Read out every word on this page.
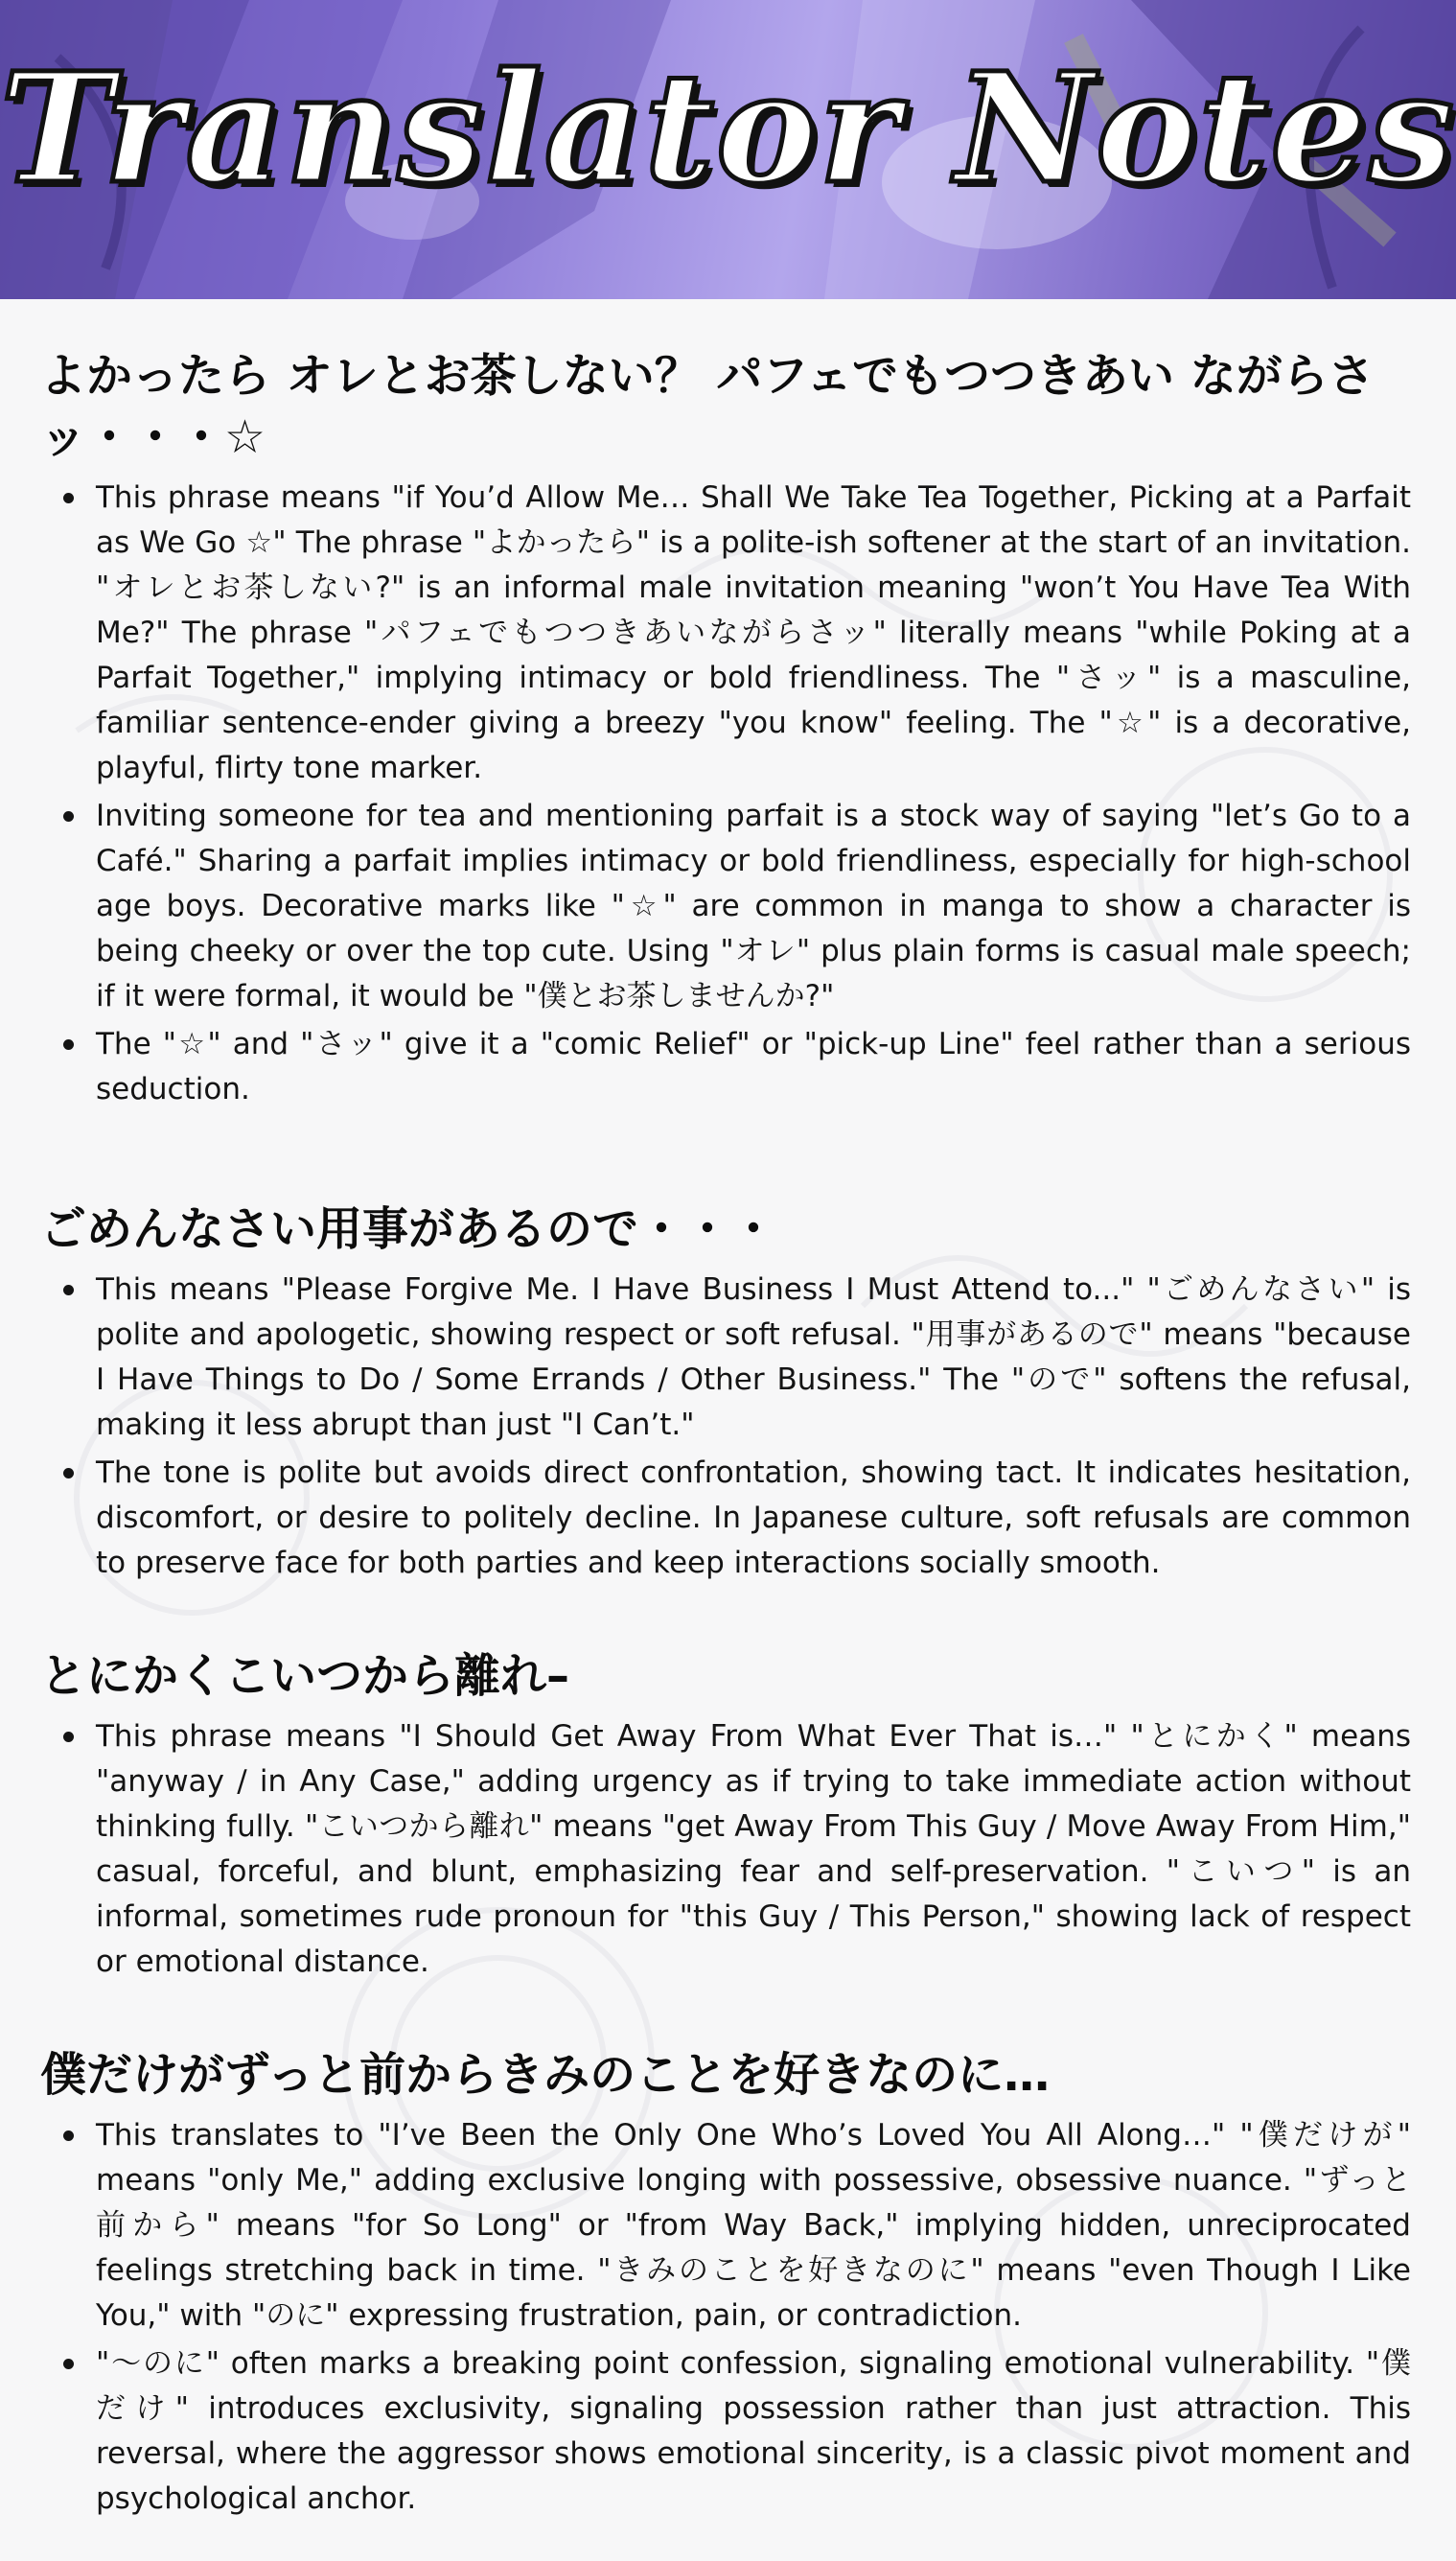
Translator Notes
よかったら オレとお茶しない？ パフェでもつつきあい ながらさッ・・・☆
This phrase means "if You’d Allow Me… Shall We Take Tea Together, Picking at a Parfait as We Go ☆" The phrase "よかったら" is a polite-ish softener at the start of an invitation. "オレとお茶しない?" is an informal male invitation meaning "won’t You Have Tea With Me?" The phrase "パフェでもつつきあいながらさッ" literally means "while Poking at a Parfait Together," implying intimacy or bold friendliness. The "さッ" is a masculine, familiar sentence-ender giving a breezy "you know" feeling. The "☆" is a decorative, playful, flirty tone marker.
Inviting someone for tea and mentioning parfait is a stock way of saying "let’s Go to a Café." Sharing a parfait implies intimacy or bold friendliness, especially for high-school age boys. Decorative marks like "☆" are common in manga to show a character is being cheeky or over the top cute. Using "オレ" plus plain forms is casual male speech; if it were formal, it would be "僕とお茶しませんか?"
The "☆" and "さッ" give it a "comic Relief" or "pick-up Line" feel rather than a serious seduction.
ごめんなさい用事があるので・・・
This means "Please Forgive Me. I Have Business I Must Attend to..." "ごめんなさい" is polite and apologetic, showing respect or soft refusal. "用事があるので" means "because I Have Things to Do / Some Errands / Other Business." The "ので" softens the refusal, making it less abrupt than just "I Can’t."
The tone is polite but avoids direct confrontation, showing tact. It indicates hesitation, discomfort, or desire to politely decline. In Japanese culture, soft refusals are common to preserve face for both parties and keep interactions socially smooth.
とにかくこいつから離れ–
This phrase means "I Should Get Away From What Ever That is…" "とにかく" means "anyway / in Any Case," adding urgency as if trying to take immediate action without thinking fully. "こいつから離れ" means "get Away From This Guy / Move Away From Him," casual, forceful, and blunt, emphasizing fear and self-preservation. "こいつ" is an informal, sometimes rude pronoun for "this Guy / This Person," showing lack of respect or emotional distance.
僕だけがずっと前からきみのことを好きなのに…
This translates to "I’ve Been the Only One Who’s Loved You All Along…" "僕だけが" means "only Me," adding exclusive longing with possessive, obsessive nuance. "ずっと前から" means "for So Long" or "from Way Back," implying hidden, unreciprocated feelings stretching back in time. "きみのことを好きなのに" means "even Though I Like You," with "のに" expressing frustration, pain, or contradiction.
"～のに" often marks a breaking point confession, signaling emotional vulnerability. "僕だけ" introduces exclusivity, signaling possession rather than just attraction. This reversal, where the aggressor shows emotional sincerity, is a classic pivot moment and psychological anchor.
